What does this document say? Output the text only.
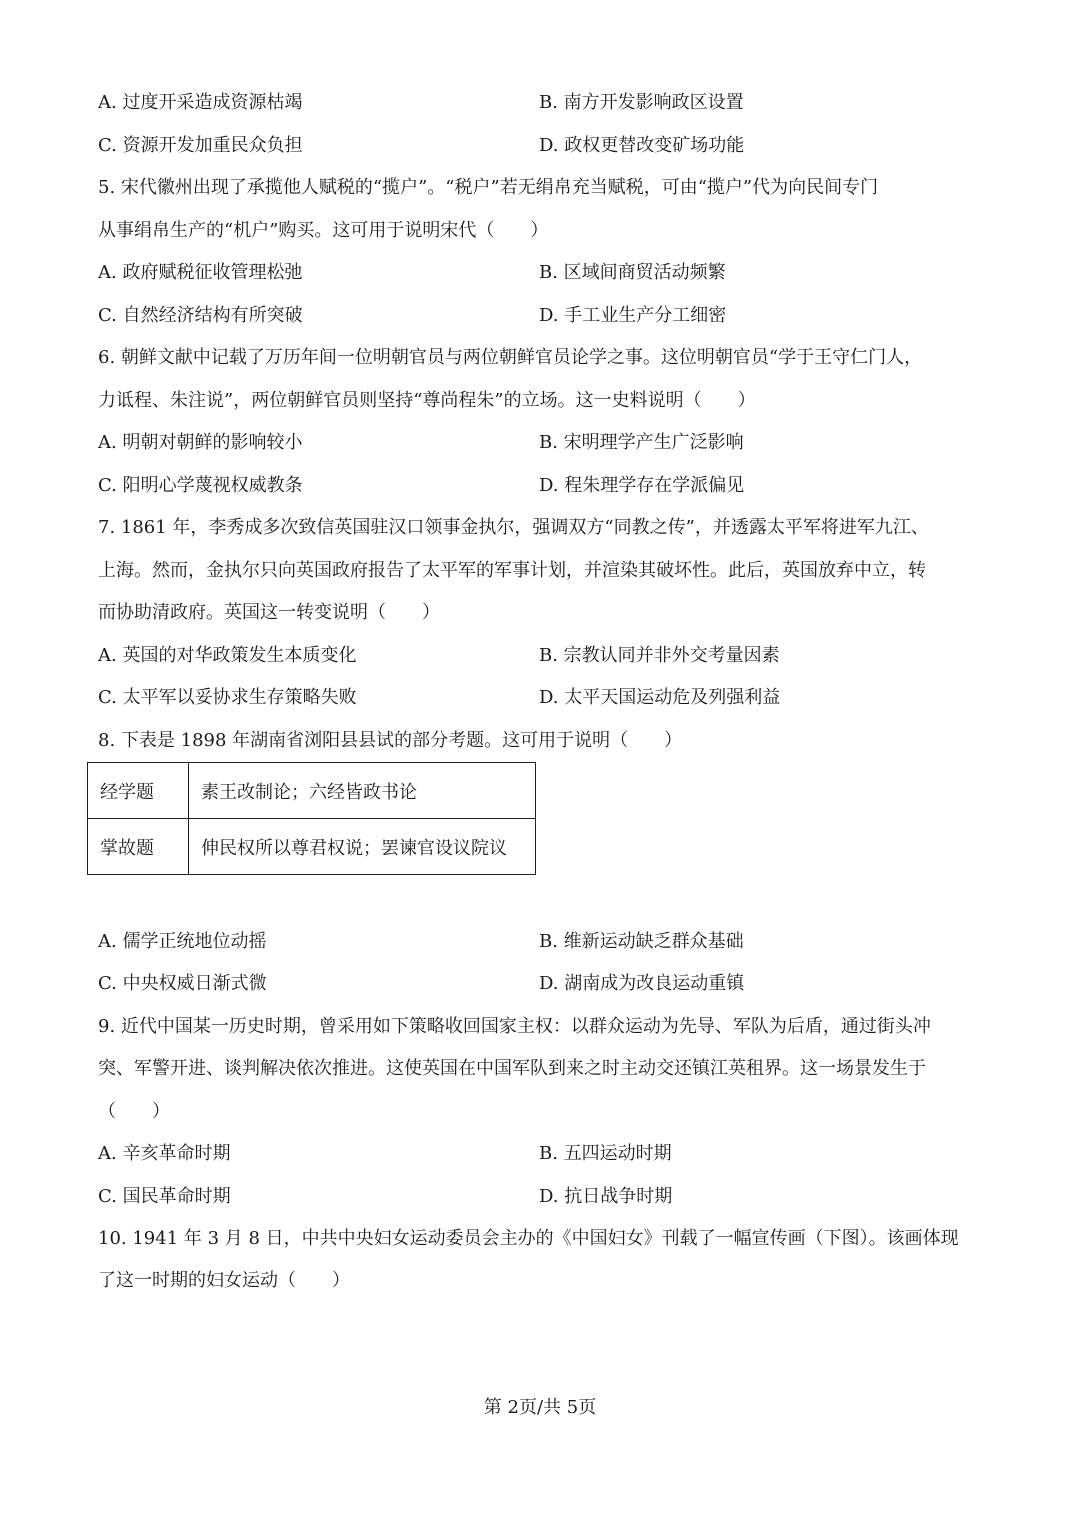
A. 过度开采造成资源枯竭	B. 南方开发影响政区设置
C. 资源开发加重民众负担	D. 政权更替改变矿场功能
5. 宋代徽州出现了承揽他人赋税的“揽户”。“税户”若无绢帛充当赋税，可由“揽户”代为向民间专门
从事绢帛生产的“机户”购买。这可用于说明宋代（　　）
A. 政府赋税征收管理松弛	B. 区域间商贸活动频繁
C. 自然经济结构有所突破	D. 手工业生产分工细密
6. 朝鲜文献中记载了万历年间一位明朝官员与两位朝鲜官员论学之事。这位明朝官员“学于王守仁门人，
力诋程、朱注说”，两位朝鲜官员则坚持“尊尚程朱”的立场。这一史料说明（　　）
A. 明朝对朝鲜的影响较小	B. 宋明理学产生广泛影响
C. 阳明心学蔑视权威教条	D. 程朱理学存在学派偏见
7. 1861 年，李秀成多次致信英国驻汉口领事金执尔，强调双方“同教之传”，并透露太平军将进军九江、
上海。然而，金执尔只向英国政府报告了太平军的军事计划，并渲染其破坏性。此后，英国放弃中立，转
而协助清政府。英国这一转变说明（　　）
A. 英国的对华政策发生本质变化	B. 宗教认同并非外交考量因素
C. 太平军以妥协求生存策略失败	D. 太平天国运动危及列强利益
8. 下表是 1898 年湖南省浏阳县县试的部分考题。这可用于说明（　　）
经学题	素王改制论；六经皆政书论
掌故题	伸民权所以尊君权说；罢谏官设议院议
A. 儒学正统地位动摇	B. 维新运动缺乏群众基础
C. 中央权威日渐式微	D. 湖南成为改良运动重镇
9. 近代中国某一历史时期，曾采用如下策略收回国家主权：以群众运动为先导、军队为后盾，通过街头冲
突、军警开进、谈判解决依次推进。这使英国在中国军队到来之时主动交还镇江英租界。这一场景发生于
（　　）
A. 辛亥革命时期	B. 五四运动时期
C. 国民革命时期	D. 抗日战争时期
10. 1941 年 3 月 8 日，中共中央妇女运动委员会主办的《中国妇女》刊载了一幅宣传画（下图）。该画体现
了这一时期的妇女运动（　　）
第 2页/共 5页
